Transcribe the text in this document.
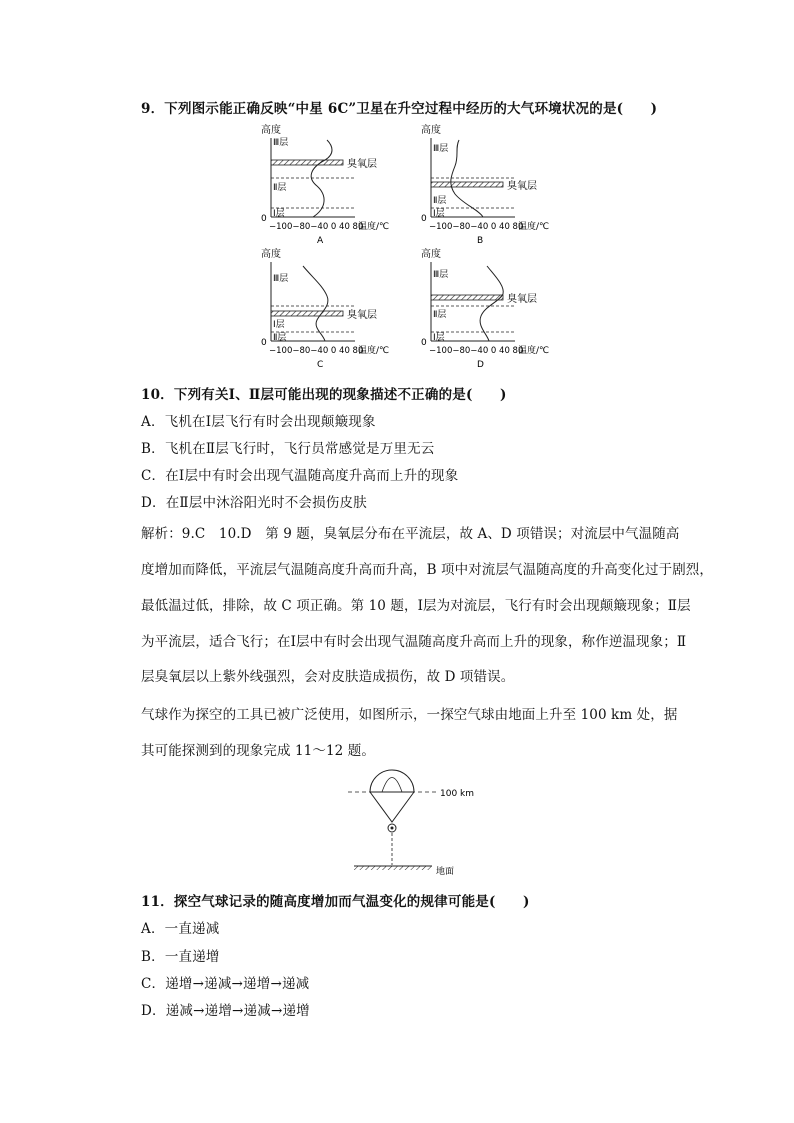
9．下列图示能正确反映“中星 6C”卫星在升空过程中经历的大气环境状况的是(　　)
高度
0
Ⅲ层
臭氧层
Ⅱ层
Ⅰ层
−100−80−40 0 40 80
温度/℃
A
高度
0
Ⅲ层
臭氧层
Ⅱ层
Ⅰ层
−100−80−40 0 40 80
温度/℃
B
高度
0
Ⅲ层
臭氧层
Ⅰ层
Ⅱ层
−100−80−40 0 40 80
温度/℃
C
高度
0
Ⅲ层
臭氧层
Ⅱ层
Ⅰ层
−100−80−40 0 40 80
温度/℃
D
10．下列有关Ⅰ、Ⅱ层可能出现的现象描述不正确的是(　　)
A．飞机在Ⅰ层飞行有时会出现颠簸现象
B．飞机在Ⅱ层飞行时，飞行员常感觉是万里无云
C．在Ⅰ层中有时会出现气温随高度升高而上升的现象
D．在Ⅱ层中沐浴阳光时不会损伤皮肤
解析：9.C　10.D　第 9 题，臭氧层分布在平流层，故 A、D 项错误；对流层中气温随高
度增加而降低，平流层气温随高度升高而升高，B 项中对流层气温随高度的升高变化过于剧烈，
最低温过低，排除，故 C 项正确。第 10 题，Ⅰ层为对流层，飞行有时会出现颠簸现象；Ⅱ层
为平流层，适合飞行；在Ⅰ层中有时会出现气温随高度升高而上升的现象，称作逆温现象；Ⅱ
层臭氧层以上紫外线强烈，会对皮肤造成损伤，故 D 项错误。
气球作为探空的工具已被广泛使用，如图所示，一探空气球由地面上升至 100 km 处，据
其可能探测到的现象完成 11～12 题。
100 km
地面
11．探空气球记录的随高度增加而气温变化的规律可能是(　　)
A．一直递减
B．一直递增
C．递增→递减→递增→递减
D．递减→递增→递减→递增
